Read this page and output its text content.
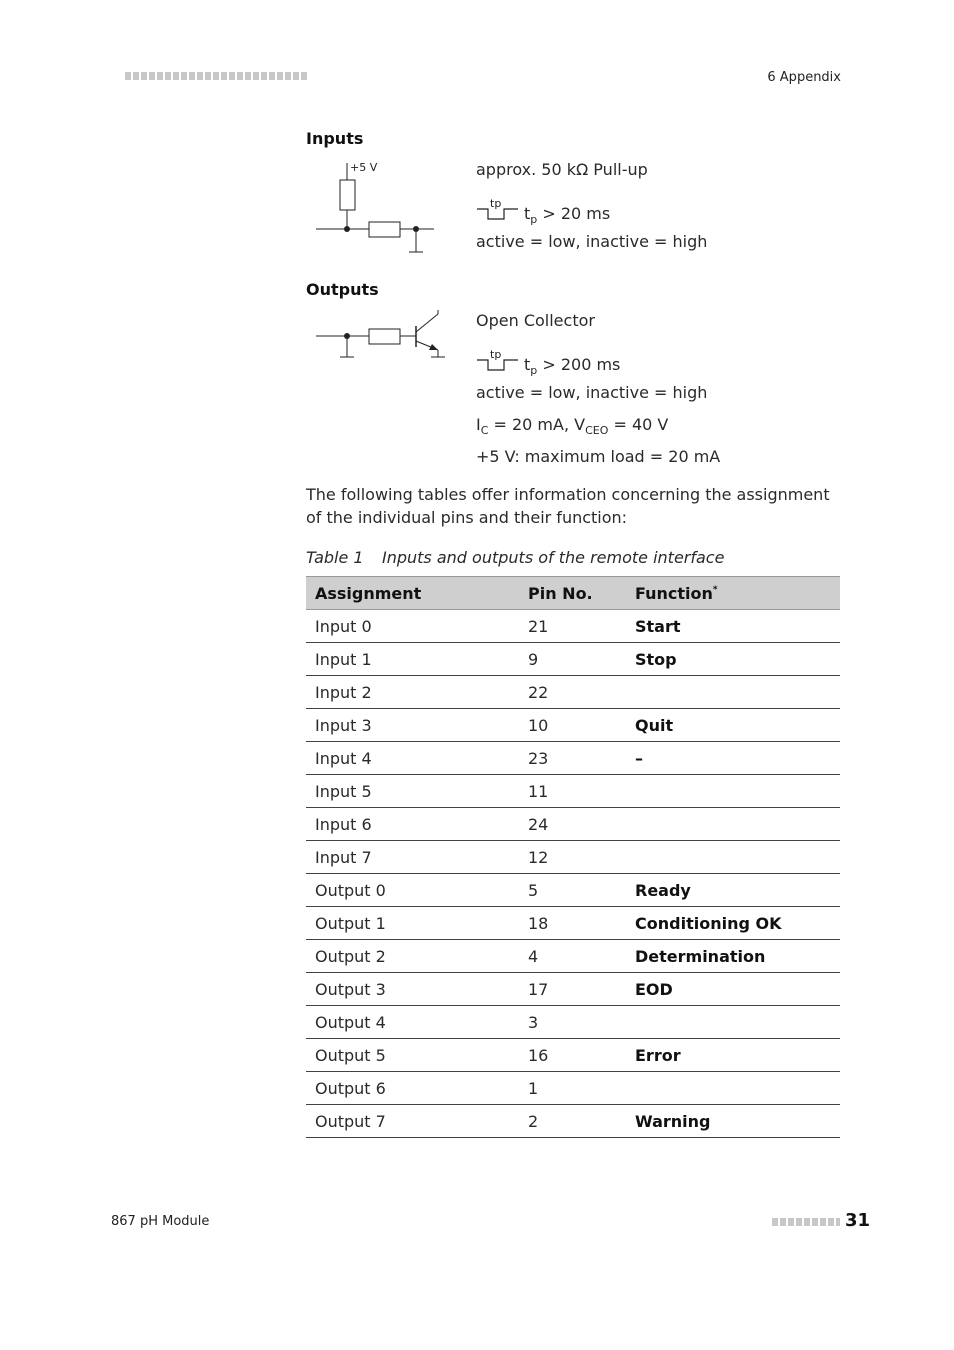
6 Appendix
Inputs
+5 V	approx. 50 kΩ Pull-up
tp
$t_p > 20$ ms
active = low, inactive = high
Outputs
Open Collector
tp
$t_p > 200$ ms
active = low, inactive = high
$I_C = 20$ mA, $V_{CEO} = 40$ V
+5 V: maximum load = 20 mA
The following tables offer information concerning the assignment of the individual pins and their function:
Table 1 Inputs and outputs of the remote interface
Assignment	Pin No.	Function*
Input 0	21	Start
Input 1	9	Stop
Input 2	22	
Input 3	10	Quit
Input 4	23	–
Input 5	11	
Input 6	24	
Input 7	12	
Output 0	5	Ready
Output 1	18	Conditioning OK
Output 2	4	Determination
Output 3	17	EOD
Output 4	3	
Output 5	16	Error
Output 6	1	
Output 7	2	Warning
867 pH Module	31
